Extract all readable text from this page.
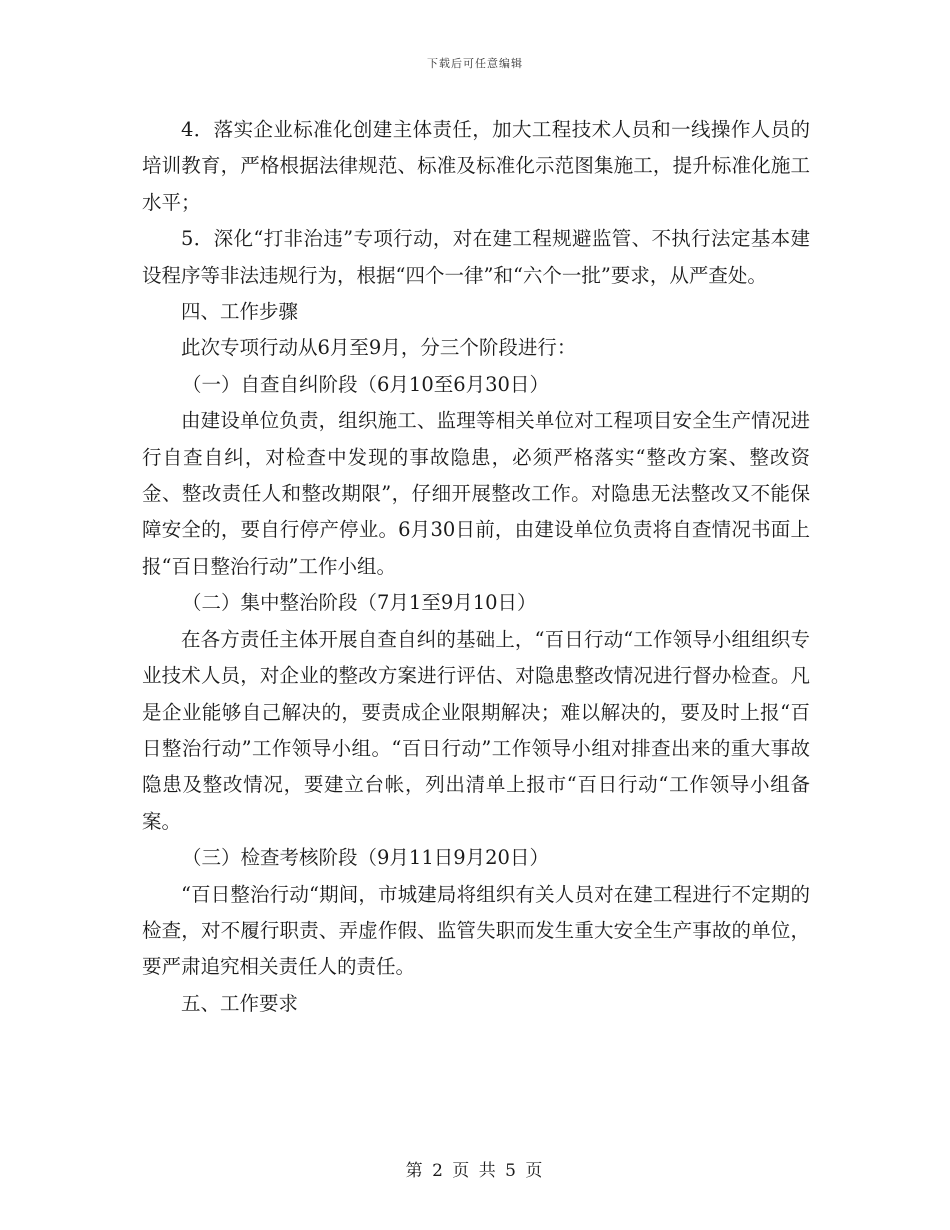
下载后可任意编辑

4．落实企业标准化创建主体责任，加大工程技术人员和一线操作人员的培训教育，严格根据法律规范、标准及标准化示范图集施工，提升标准化施工水平；

5．深化“打非治违”专项行动，对在建工程规避监管、不执行法定基本建设程序等非法违规行为，根据“四个一律”和“六个一批”要求，从严查处。

四、工作步骤

此次专项行动从6月至9月，分三个阶段进行：

（一）自查自纠阶段（6月10至6月30日）

由建设单位负责，组织施工、监理等相关单位对工程项目安全生产情况进行自查自纠，对检查中发现的事故隐患，必须严格落实“整改方案、整改资金、整改责任人和整改期限”，仔细开展整改工作。对隐患无法整改又不能保障安全的，要自行停产停业。6月30日前，由建设单位负责将自查情况书面上报“百日整治行动”工作小组。

（二）集中整治阶段（7月1至9月10日）

在各方责任主体开展自查自纠的基础上，“百日行动“工作领导小组组织专业技术人员，对企业的整改方案进行评估、对隐患整改情况进行督办检查。凡是企业能够自己解决的，要责成企业限期解决；难以解决的，要及时上报“百日整治行动”工作领导小组。“百日行动”工作领导小组对排查出来的重大事故隐患及整改情况，要建立台帐，列出清单上报市“百日行动“工作领导小组备案。

（三）检查考核阶段（9月11日9月20日）

“百日整治行动“期间，市城建局将组织有关人员对在建工程进行不定期的检查，对不履行职责、弄虚作假、监管失职而发生重大安全生产事故的单位，要严肃追究相关责任人的责任。

五、工作要求

第 2 页 共 5 页
